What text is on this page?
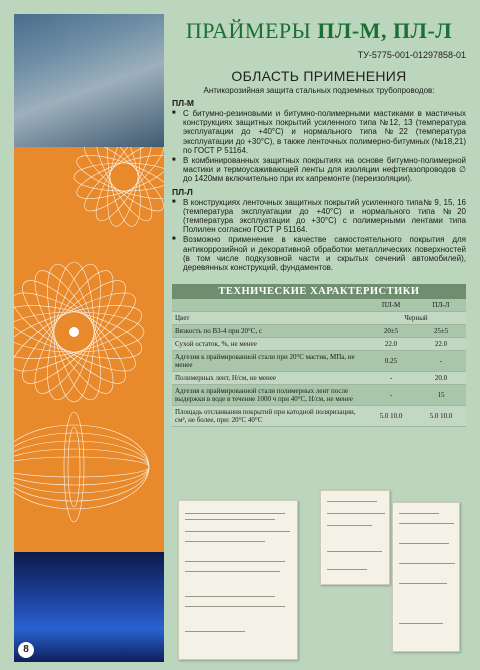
8
ПРАЙМЕРЫ ПЛ-М, ПЛ-Л
ТУ-5775-001-01297858-01
ОБЛАСТЬ ПРИМЕНЕНИЯ
Антикорозийная защита стальных подземных трубопроводов:
ПЛ-М
■ С битумно-резиновыми и битумно-полимерными мастиками в мастичных конструкциях защитных покрытий усиленного типа №12, 13 (температура эксплуатации до +40°С) и нормального типа №22 (температура эксплуатации до +30°С), в также ленточных полимерно-битумных (№18,21) по ГОСТ Р 51164.
■ В комбинированных защитных покрытиях на основе битумно-полимерной мастики и термоусаживающей ленты для изоляции нефтегазопроводов ∅ до 1420мм включительно при их капремонте (переизоляции).
ПЛ-Л
■ В конструкциях ленточных защитных покрытий усиленного типа№ 9, 15, 16 (температура эксплуатации до +40°С) и нормального типа №20 (температура эксплуатации до +30°С) с полимерными лентами типа Полилен согласно ГОСТ Р 51164.
■ Возможно применение в качестве самостоятельного покрытия для антикоррозийной и декоративной обработки металлических поверхностей (в том числе подкузовной части и скрытых сечений автомобилей), деревянных конструкций, фундаментов.
ТЕХНИЧЕСКИЕ ХАРАКТЕРИСТИКИ
	ПЛ-М	ПЛ-Л
Цвет	Черный	
Вязкость по ВЗ-4 при 20°С, с	20±5	25±5
Сухой остаток, %, не менее	22.0	22.0
Адгезия к праймированной стали при 20°С мастик, МПа, не менее	0.25	-
Полимерных лент, Н/см, не менее	-	20.0
Адгезия к праймированной стали полимерных лент после выдержки в воде в течение 1000 ч при 40°С, Н/см, не менее	-	15
Площадь отслаивания покрытий при катодной поляризации, см², не более, при: 20°С 40°С	5.0 10.0	5.0 10.0
